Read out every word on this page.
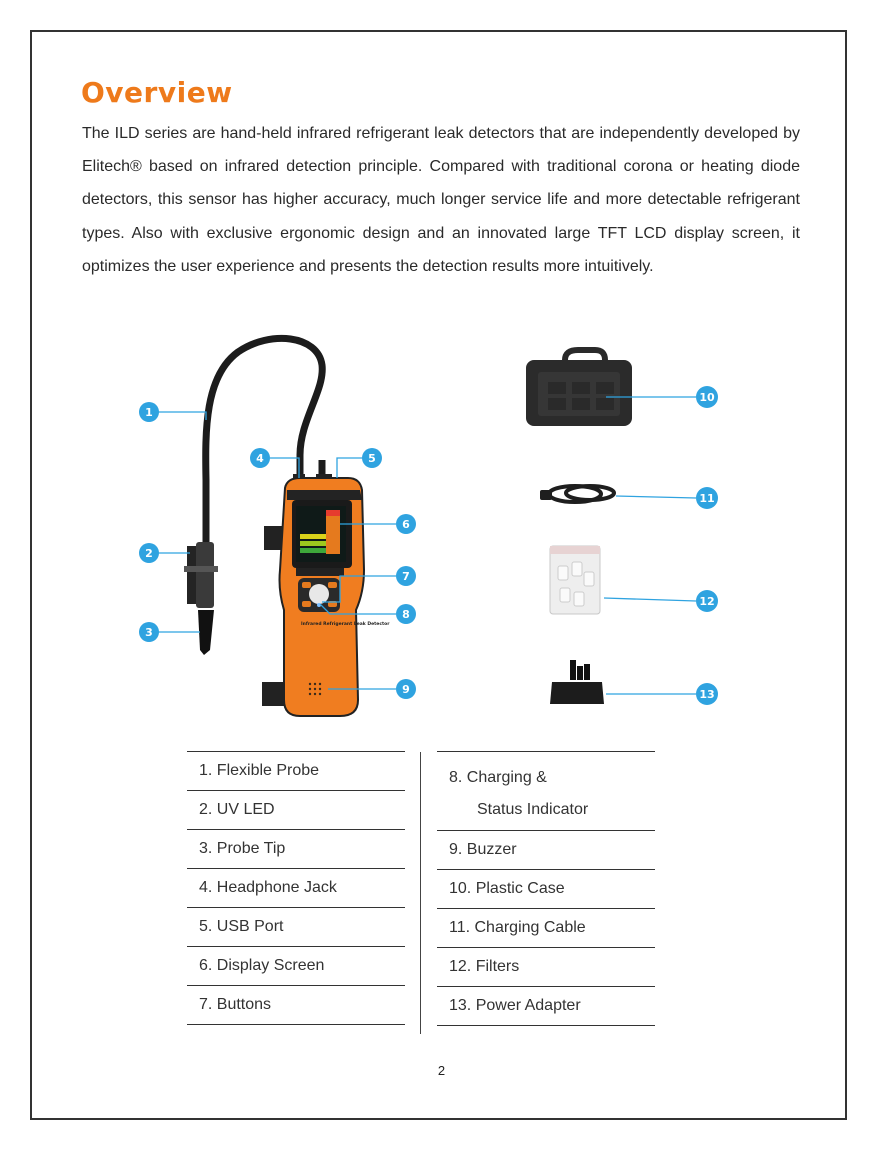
Overview

The ILD series are hand-held infrared refrigerant leak detectors that are independently developed by Elitech® based on infrared detection principle. Compared with traditional corona or heating diode detectors, this sensor has higher accuracy, much longer service life and more detectable refrigerant types. Also with exclusive ergonomic design and an innovated large TFT LCD display screen, it optimizes the user experience and presents the detection results more intuitively.

Infrared Refrigerant Leak Detector
1
2
3
4	5
6
7
8
9
10
11
12
13
1. Flexible Probe
2. UV LED
3. Probe Tip
4. Headphone Jack
5. USB Port
6. Display Screen
7. Buttons
8. Charging &
Status Indicator
9. Buzzer
10. Plastic Case
11. Charging Cable
12. Filters
13. Power Adapter
2
